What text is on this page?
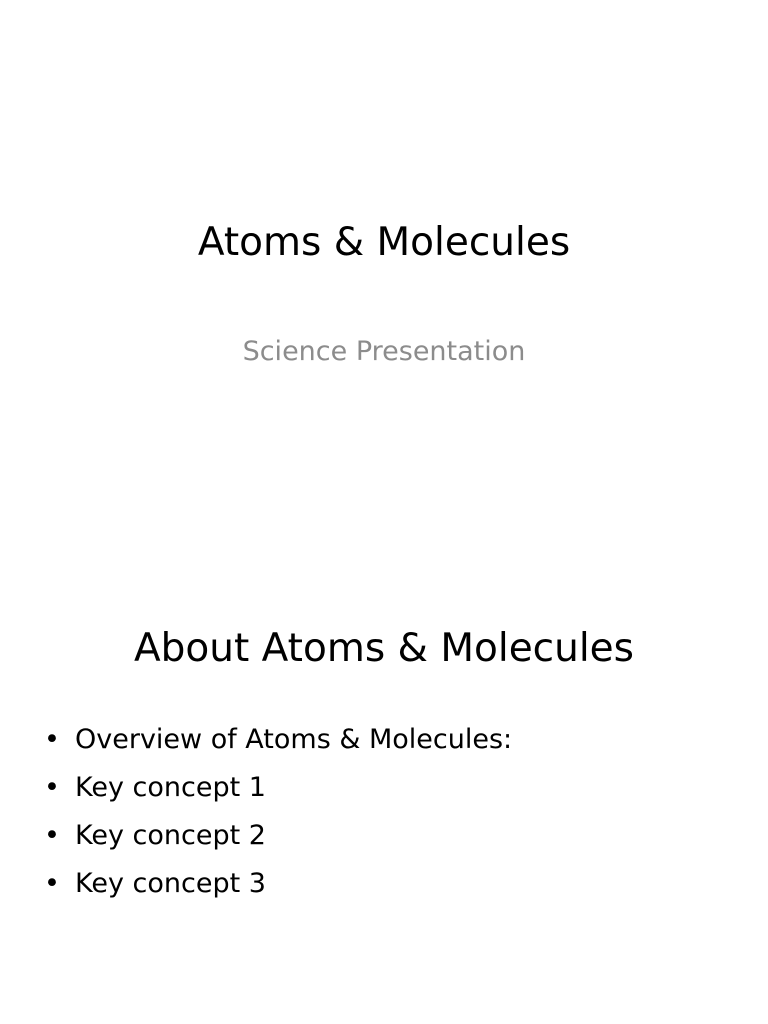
Atoms & Molecules

Science Presentation

About Atoms & Molecules
• Overview of Atoms & Molecules:
• Key concept 1
• Key concept 2
• Key concept 3
